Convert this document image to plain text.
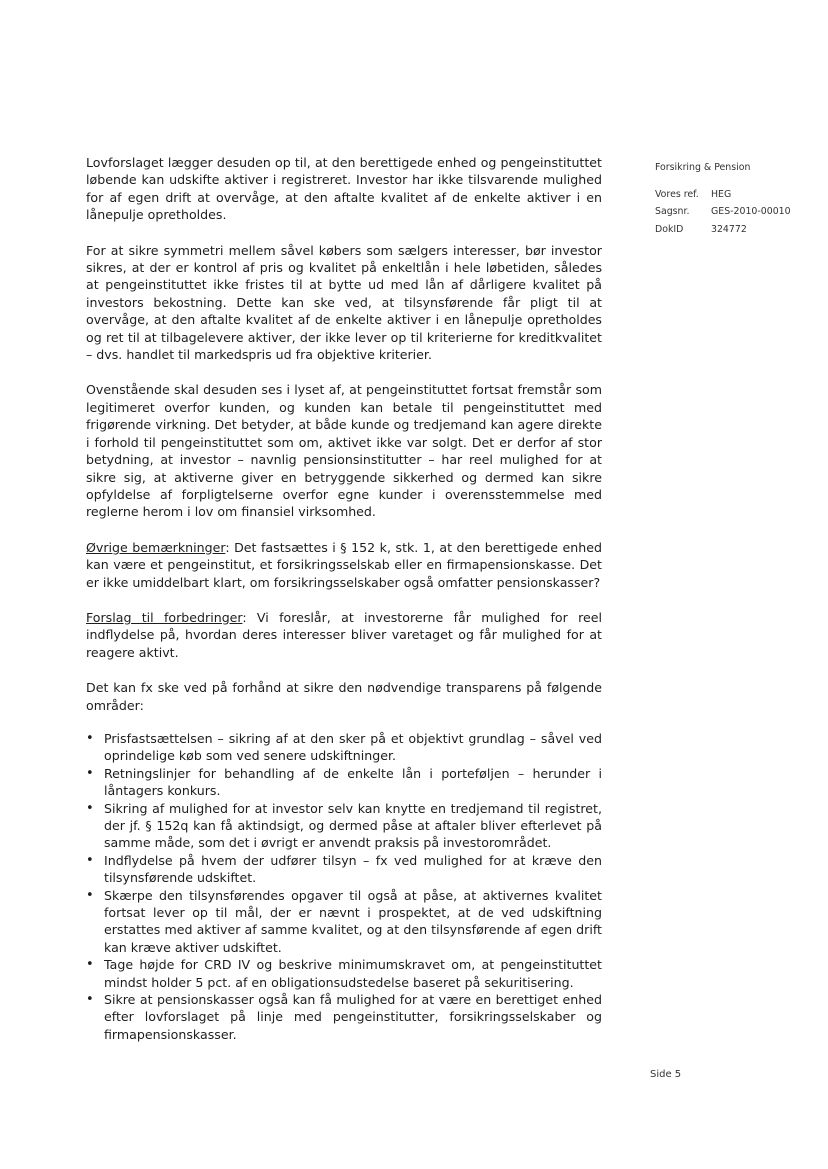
Lovforslaget lægger desuden op til, at den berettigede enhed og pengeinstituttet løbende kan udskifte aktiver i registreret. Investor har ikke tilsvarende mulighed for af egen drift at overvåge, at den aftalte kvalitet af de enkelte aktiver i en lånepulje opretholdes.

For at sikre symmetri mellem såvel købers som sælgers interesser, bør investor sikres, at der er kontrol af pris og kvalitet på enkeltlån i hele løbetiden, således at pengeinstituttet ikke fristes til at bytte ud med lån af dårligere kvalitet på investors bekostning. Dette kan ske ved, at tilsynsførende får pligt til at overvåge, at den aftalte kvalitet af de enkelte aktiver i en lånepulje opretholdes og ret til at tilbagelevere aktiver, der ikke lever op til kriterierne for kreditkvalitet – dvs. handlet til markedspris ud fra objektive kriterier.

Ovenstående skal desuden ses i lyset af, at pengeinstituttet fortsat fremstår som legitimeret overfor kunden, og kunden kan betale til pengeinstituttet med frigørende virkning. Det betyder, at både kunde og tredjemand kan agere direkte i forhold til pengeinstituttet som om, aktivet ikke var solgt. Det er derfor af stor betydning, at investor – navnlig pensionsinstitutter – har reel mulighed for at sikre sig, at aktiverne giver en betryggende sikkerhed og dermed kan sikre opfyldelse af forpligtelserne overfor egne kunder i overensstemmelse med reglerne herom i lov om finansiel virksomhed.

Øvrige bemærkninger: Det fastsættes i § 152 k, stk. 1, at den berettigede enhed kan være et pengeinstitut, et forsikringsselskab eller en firmapensionskasse. Det er ikke umiddelbart klart, om forsikringsselskaber også omfatter pensionskasser?

Forslag til forbedringer: Vi foreslår, at investorerne får mulighed for reel indflydelse på, hvordan deres interesser bliver varetaget og får mulighed for at reagere aktivt.

Det kan fx ske ved på forhånd at sikre den nødvendige transparens på følgende områder:

• Prisfastsættelsen – sikring af at den sker på et objektivt grundlag – såvel ved oprindelige køb som ved senere udskiftninger.
• Retningslinjer for behandling af de enkelte lån i porteføljen – herunder i låntagers konkurs.
• Sikring af mulighed for at investor selv kan knytte en tredjemand til registret, der jf. § 152q kan få aktindsigt, og dermed påse at aftaler bliver efterlevet på samme måde, som det i øvrigt er anvendt praksis på investorområdet.
• Indflydelse på hvem der udfører tilsyn – fx ved mulighed for at kræve den tilsynsførende udskiftet.
• Skærpe den tilsynsførendes opgaver til også at påse, at aktivernes kvalitet fortsat lever op til mål, der er nævnt i prospektet, at de ved udskiftning erstattes med aktiver af samme kvalitet, og at den tilsynsførende af egen drift kan kræve aktiver udskiftet.
• Tage højde for CRD IV og beskrive minimumskravet om, at pengeinstituttet mindst holder 5 pct. af en obligationsudstedelse baseret på sekuritisering.
• Sikre at pensionskasser også kan få mulighed for at være en berettiget enhed efter lovforslaget på linje med pengeinstitutter, forsikringsselskaber og firmapensionskasser.
Forsikring & Pension
Vores ref.	HEG
Sagsnr.	GES-2010-00010
DokID	324772
Side 5
